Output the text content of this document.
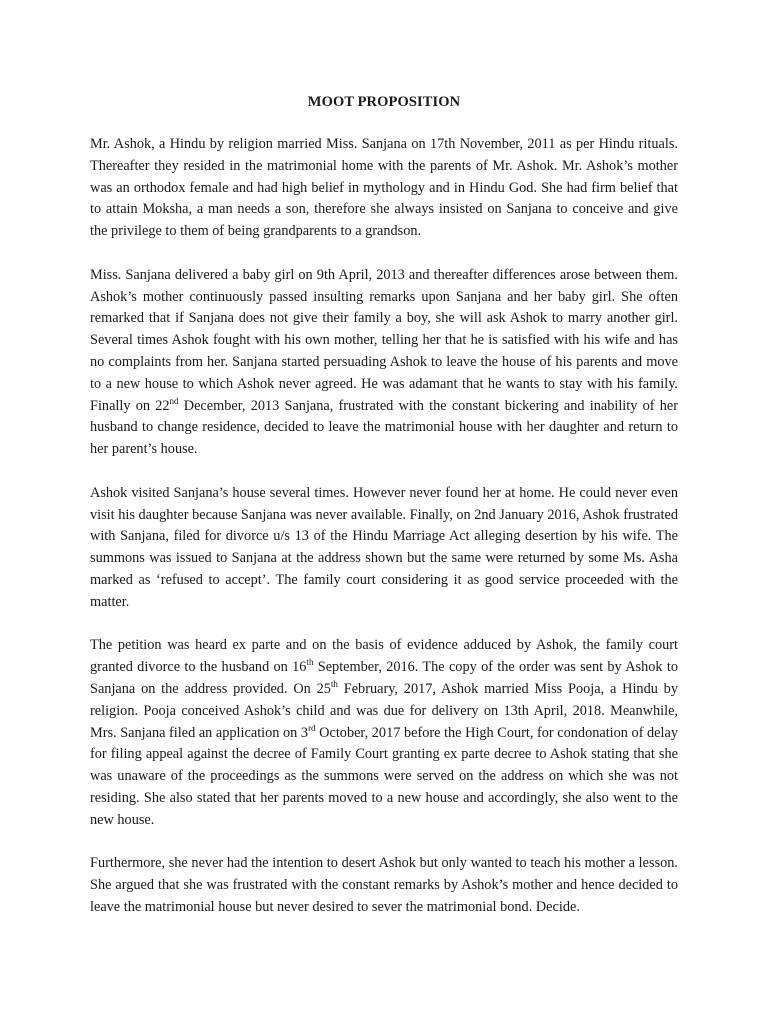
MOOT PROPOSITION

Mr. Ashok, a Hindu by religion married Miss. Sanjana on 17th November, 2011 as per Hindu rituals. Thereafter they resided in the matrimonial home with the parents of Mr. Ashok. Mr. Ashok’s mother was an orthodox female and had high belief in mythology and in Hindu God. She had firm belief that to attain Moksha, a man needs a son, therefore she always insisted on Sanjana to conceive and give the privilege to them of being grandparents to a grandson.

Miss. Sanjana delivered a baby girl on 9th April, 2013 and thereafter differences arose between them. Ashok’s mother continuously passed insulting remarks upon Sanjana and her baby girl. She often remarked that if Sanjana does not give their family a boy, she will ask Ashok to marry another girl. Several times Ashok fought with his own mother, telling her that he is satisfied with his wife and has no complaints from her. Sanjana started persuading Ashok to leave the house of his parents and move to a new house to which Ashok never agreed. He was adamant that he wants to stay with his family. Finally on 22nd December, 2013 Sanjana, frustrated with the constant bickering and inability of her husband to change residence, decided to leave the matrimonial house with her daughter and return to her parent’s house.

Ashok visited Sanjana’s house several times. However never found her at home. He could never even visit his daughter because Sanjana was never available. Finally, on 2nd January 2016, Ashok frustrated with Sanjana, filed for divorce u/s 13 of the Hindu Marriage Act alleging desertion by his wife. The summons was issued to Sanjana at the address shown but the same were returned by some Ms. Asha marked as ‘refused to accept’. The family court considering it as good service proceeded with the matter.

The petition was heard ex parte and on the basis of evidence adduced by Ashok, the family court granted divorce to the husband on 16th September, 2016. The copy of the order was sent by Ashok to Sanjana on the address provided. On 25th February, 2017, Ashok married Miss Pooja, a Hindu by religion. Pooja conceived Ashok’s child and was due for delivery on 13th April, 2018. Meanwhile, Mrs. Sanjana filed an application on 3rd October, 2017 before the High Court, for condonation of delay for filing appeal against the decree of Family Court granting ex parte decree to Ashok stating that she was unaware of the proceedings as the summons were served on the address on which she was not residing. She also stated that her parents moved to a new house and accordingly, she also went to the new house.

Furthermore, she never had the intention to desert Ashok but only wanted to teach his mother a lesson. She argued that she was frustrated with the constant remarks by Ashok’s mother and hence decided to leave the matrimonial house but never desired to sever the matrimonial bond. Decide.
